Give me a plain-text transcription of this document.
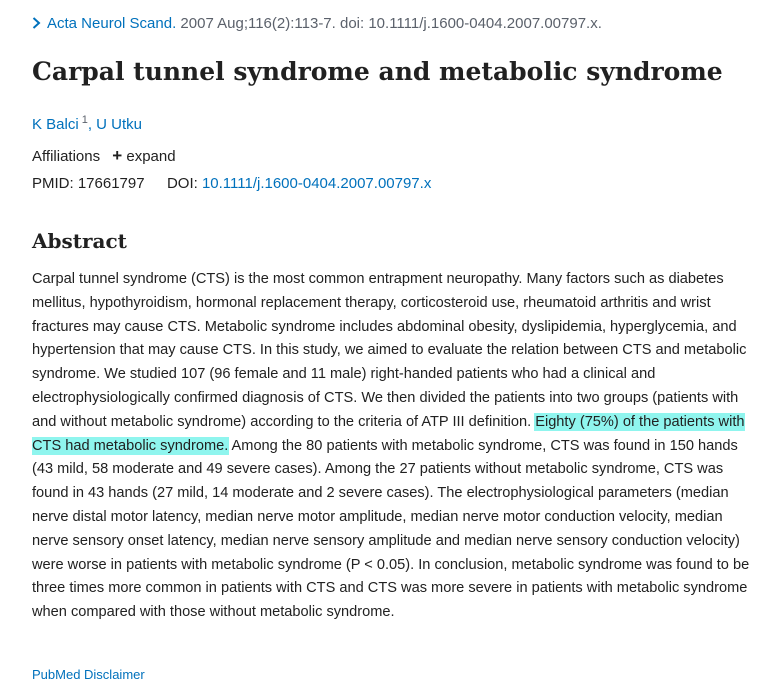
Acta Neurol Scand. 2007 Aug;116(2):113-7. doi: 10.1111/j.1600-0404.2007.00797.x.
Carpal tunnel syndrome and metabolic syndrome
K Balci $^1$, U Utku
Affiliations + expand
PMID: 17661797 DOI: 10.1111/j.1600-0404.2007.00797.x
Abstract

Carpal tunnel syndrome (CTS) is the most common entrapment neuropathy. Many factors such as diabetes mellitus, hypothyroidism, hormonal replacement therapy, corticosteroid use, rheumatoid arthritis and wrist fractures may cause CTS. Metabolic syndrome includes abdominal obesity, dyslipidemia, hyperglycemia, and hypertension that may cause CTS. In this study, we aimed to evaluate the relation between CTS and metabolic syndrome. We studied 107 (96 female and 11 male) right-handed patients who had a clinical and electrophysiologically confirmed diagnosis of CTS. We then divided the patients into two groups (patients with and without metabolic syndrome) according to the criteria of ATP III definition. Eighty (75%) of the patients with CTS had metabolic syndrome. Among the 80 patients with metabolic syndrome, CTS was found in 150 hands (43 mild, 58 moderate and 49 severe cases). Among the 27 patients without metabolic syndrome, CTS was found in 43 hands (27 mild, 14 moderate and 2 severe cases). The electrophysiological parameters (median nerve distal motor latency, median nerve motor amplitude, median nerve motor conduction velocity, median nerve sensory onset latency, median nerve sensory amplitude and median nerve sensory conduction velocity) were worse in patients with metabolic syndrome (P < 0.05). In conclusion, metabolic syndrome was found to be three times more common in patients with CTS and CTS was more severe in patients with metabolic syndrome when compared with those without metabolic syndrome.

PubMed Disclaimer
